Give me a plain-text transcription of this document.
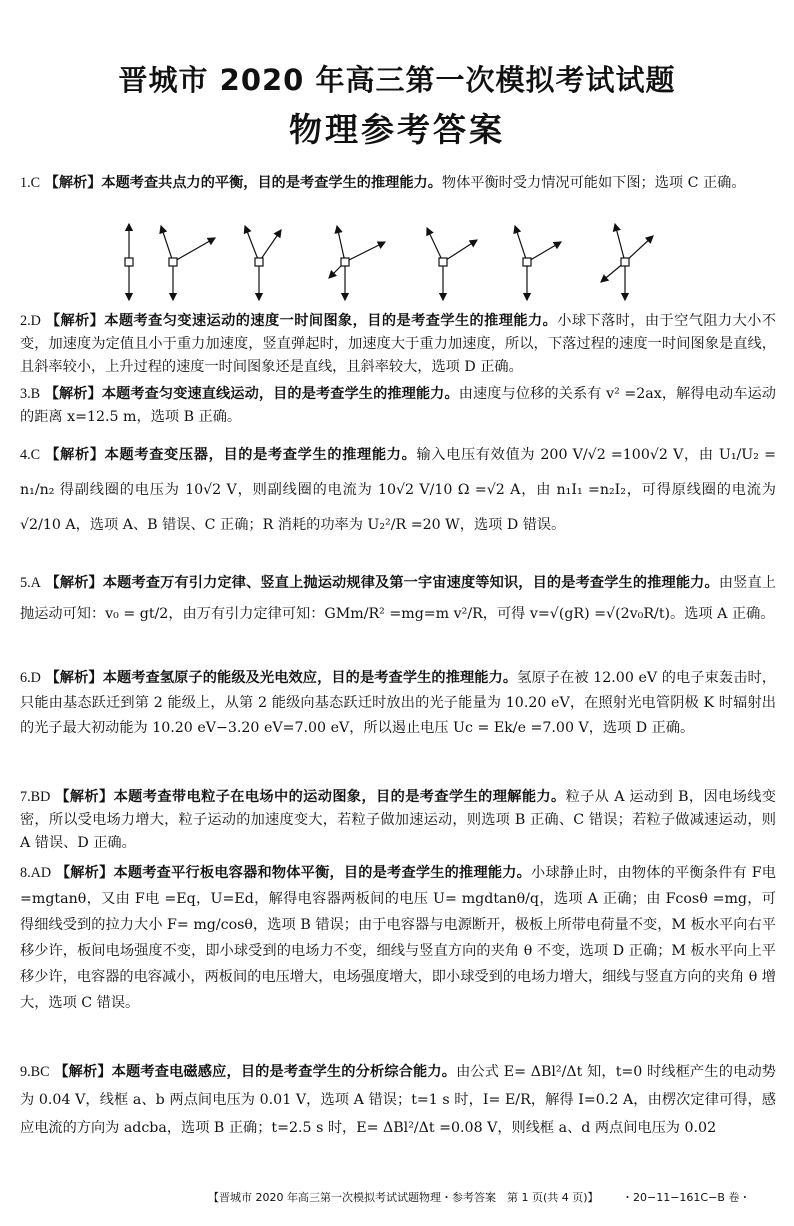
晋城市 2020 年高三第一次模拟考试试题
物理参考答案
1.C 【解析】本题考查共点力的平衡，目的是考查学生的推理能力。物体平衡时受力情况可能如下图；选项 C 正确。
2.D 【解析】本题考查匀变速运动的速度一时间图象，目的是考查学生的推理能力。小球下落时，由于空气阻力大小不变，加速度为定值且小于重力加速度，竖直弹起时，加速度大于重力加速度，所以，下落过程的速度一时间图象是直线，且斜率较小，上升过程的速度一时间图象还是直线，且斜率较大，选项 D 正确。
3.B 【解析】本题考查匀变速直线运动，目的是考查学生的推理能力。由速度与位移的关系有 v² =2ax，解得电动车运动的距离 x=12.5 m，选项 B 正确。
4.C 【解析】本题考查变压器，目的是考查学生的推理能力。输入电压有效值为 200 V/√2 =100√2 V，由 U₁/U₂ = n₁/n₂ 得副线圈的电压为 10√2 V，则副线圈的电流为 10√2 V/10 Ω =√2 A，由 n₁I₁ =n₂I₂，可得原线圈的电流为 √2/10 A，选项 A、B 错误、C 正确；R 消耗的功率为 U₂²/R =20 W，选项 D 错误。
5.A 【解析】本题考查万有引力定律、竖直上抛运动规律及第一宇宙速度等知识，目的是考查学生的推理能力。由竖直上抛运动可知：v₀ = gt/2，由万有引力定律可知：GMm/R² =mg=m v²/R，可得 v=√(gR) =√(2v₀R/t)。选项 A 正确。
6.D 【解析】本题考查氢原子的能级及光电效应，目的是考查学生的推理能力。氢原子在被 12.00 eV 的电子束轰击时，只能由基态跃迁到第 2 能级上，从第 2 能级向基态跃迁时放出的光子能量为 10.20 eV，在照射光电管阴极 K 时辐射出的光子最大初动能为 10.20 eV−3.20 eV=7.00 eV，所以遏止电压 Uc = Ek/e =7.00 V，选项 D 正确。
7.BD 【解析】本题考查带电粒子在电场中的运动图象，目的是考查学生的理解能力。粒子从 A 运动到 B，因电场线变密，所以受电场力增大，粒子运动的加速度变大，若粒子做加速运动，则选项 B 正确、C 错误；若粒子做减速运动，则 A 错误、D 正确。
8.AD 【解析】本题考查平行板电容器和物体平衡，目的是考查学生的推理能力。小球静止时，由物体的平衡条件有 F电 =mgtanθ，又由 F电 =Eq，U=Ed，解得电容器两板间的电压 U= mgdtanθ/q，选项 A 正确；由 Fcosθ =mg，可得细线受到的拉力大小 F= mg/cosθ，选项 B 错误；由于电容器与电源断开，极板上所带电荷量不变，M 板水平向右平移少许，板间电场强度不变，即小球受到的电场力不变，细线与竖直方向的夹角 θ 不变，选项 D 正确；M 板水平向上平移少许，电容器的电容减小，两板间的电压增大，电场强度增大，即小球受到的电场力增大，细线与竖直方向的夹角 θ 增大，选项 C 错误。
9.BC 【解析】本题考查电磁感应，目的是考查学生的分析综合能力。由公式 E= ΔBl²/Δt 知，t=0 时线框产生的电动势为 0.04 V，线框 a、b 两点间电压为 0.01 V，选项 A 错误；t=1 s 时，I= E/R，解得 I=0.2 A，由楞次定律可得，感应电流的方向为 adcba，选项 B 正确；t=2.5 s 时，E= ΔBl²/Δt =0.08 V，则线框 a、d 两点间电压为 0.02
【晋城市 2020 年高三第一次模拟考试试题物理・参考答案　第 1 页(共 4 页)】 ・20−11−161C−B 卷・
